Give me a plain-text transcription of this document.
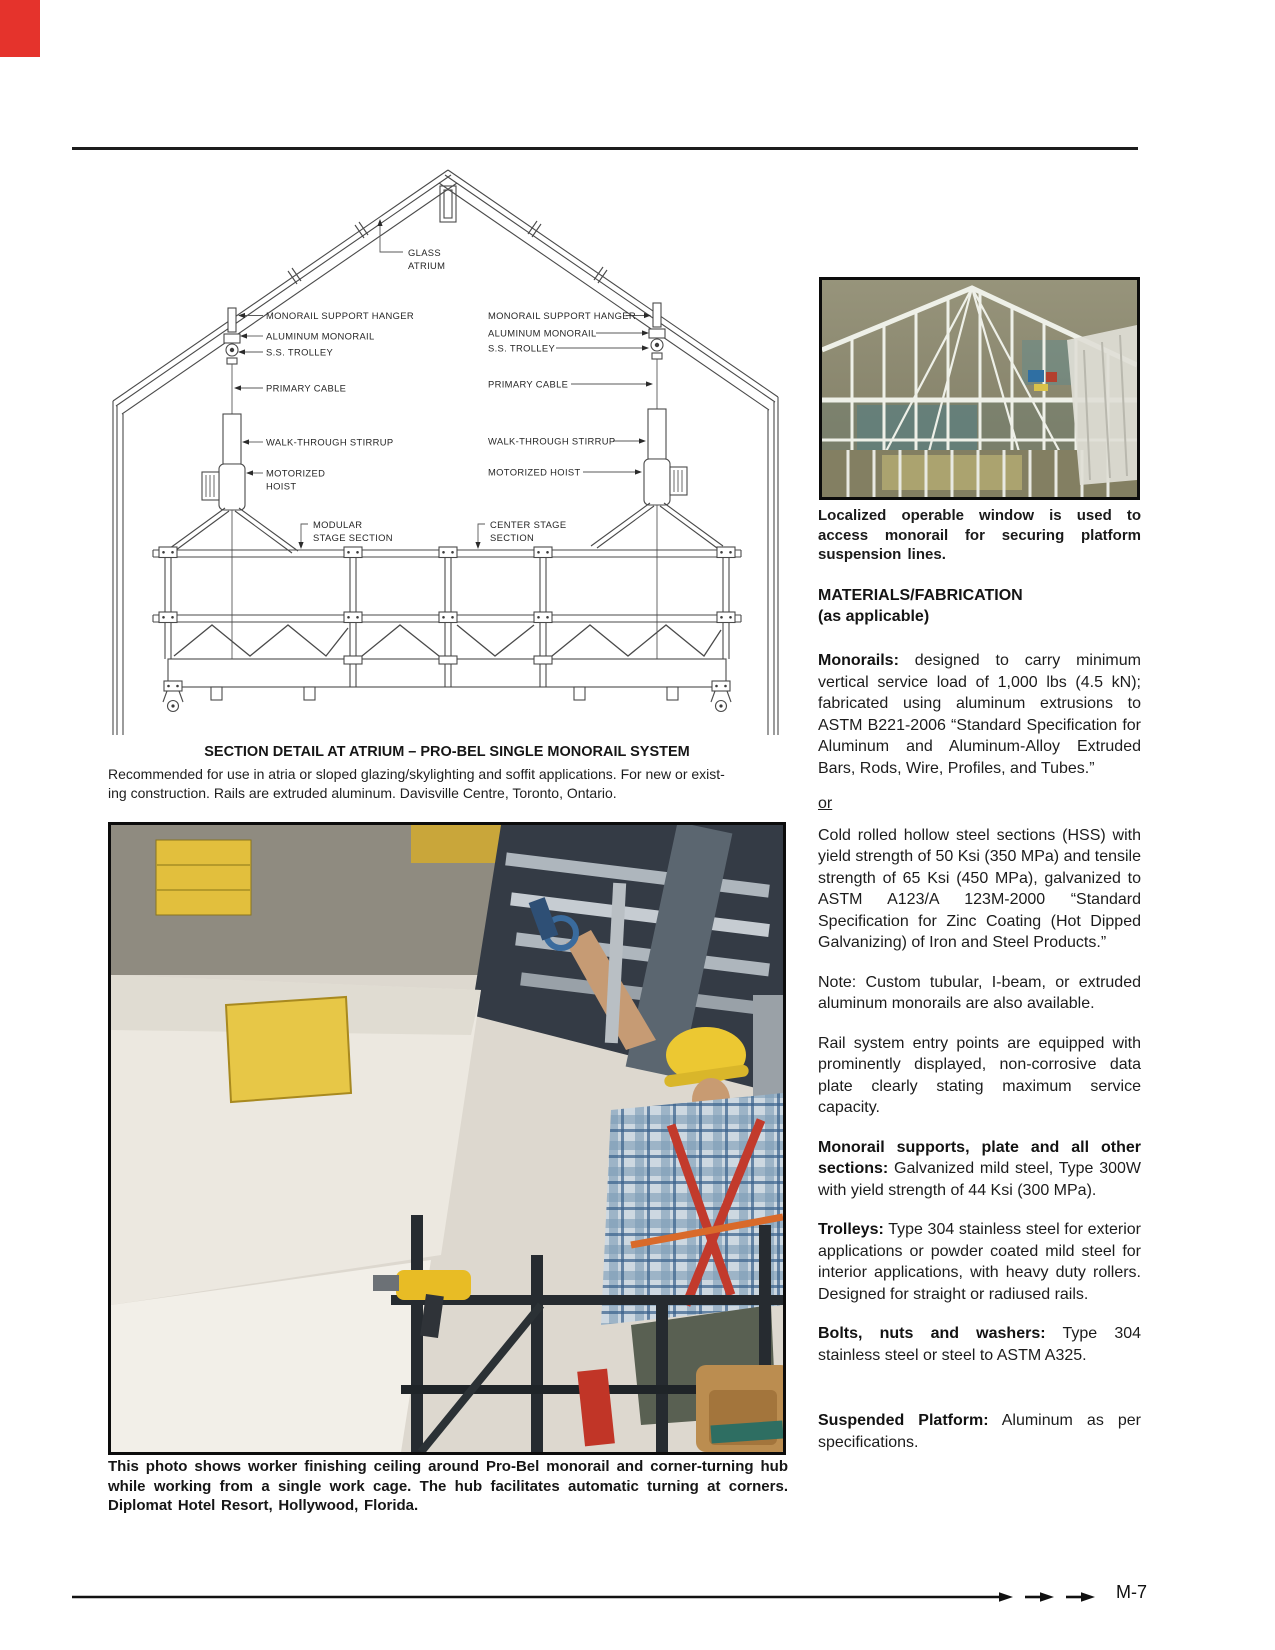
GLASS
ATRIUM
MONORAIL SUPPORT HANGER
ALUMINUM MONORAIL
S.S. TROLLEY
PRIMARY CABLE
WALK-THROUGH STIRRUP
MOTORIZED
HOIST
MODULAR
STAGE SECTION
MONORAIL SUPPORT HANGER
ALUMINUM MONORAIL
S.S. TROLLEY
PRIMARY CABLE
WALK-THROUGH STIRRUP
MOTORIZED HOIST
CENTER STAGE
SECTION
SECTION DETAIL AT ATRIUM – PRO-BEL SINGLE MONORAIL SYSTEM
Recommended for use in atria or sloped glazing/skylighting and soffit applications. For new or exist-
ing construction. Rails are extruded aluminum. Davisville Centre, Toronto, Ontario.
Localized operable window is used to access monorail for securing platform suspension lines.
MATERIALS/FABRICATION
(as applicable)

Monorails: designed to carry minimum vertical service load of 1,000 lbs (4.5 kN); fabricated using aluminum extrusions to ASTM B221-2006 “Standard Specification for Aluminum and Aluminum-Alloy Extruded Bars, Rods, Wire, Profiles, and Tubes.”

or

Cold rolled hollow steel sections (HSS) with yield strength of 50 Ksi (350 MPa) and tensile strength of 65 Ksi (450 MPa), galvanized to ASTM A123/A 123M-2000 “Standard Specification for Zinc Coating (Hot Dipped Galvanizing) of Iron and Steel Products.”

Note: Custom tubular, I-beam, or extruded aluminum monorails are also available.

Rail system entry points are equipped with prominently displayed, non-corrosive data plate clearly stating maximum service capacity.

Monorail supports, plate and all other sections: Galvanized mild steel, Type 300W with yield strength of 44 Ksi (300 MPa).

Trolleys: Type 304 stainless steel for exterior applications or powder coated mild steel for interior applications, with heavy duty rollers. Designed for straight or radiused rails.

Bolts, nuts and washers: Type 304 stainless steel or steel to ASTM A325.

Suspended Platform: Aluminum as per specifications.

This photo shows worker finishing ceiling around Pro-Bel monorail and corner-turning hub while working from a single work cage. The hub facilitates automatic turning at corners. Diplomat Hotel Resort, Hollywood, Florida.
M-7
